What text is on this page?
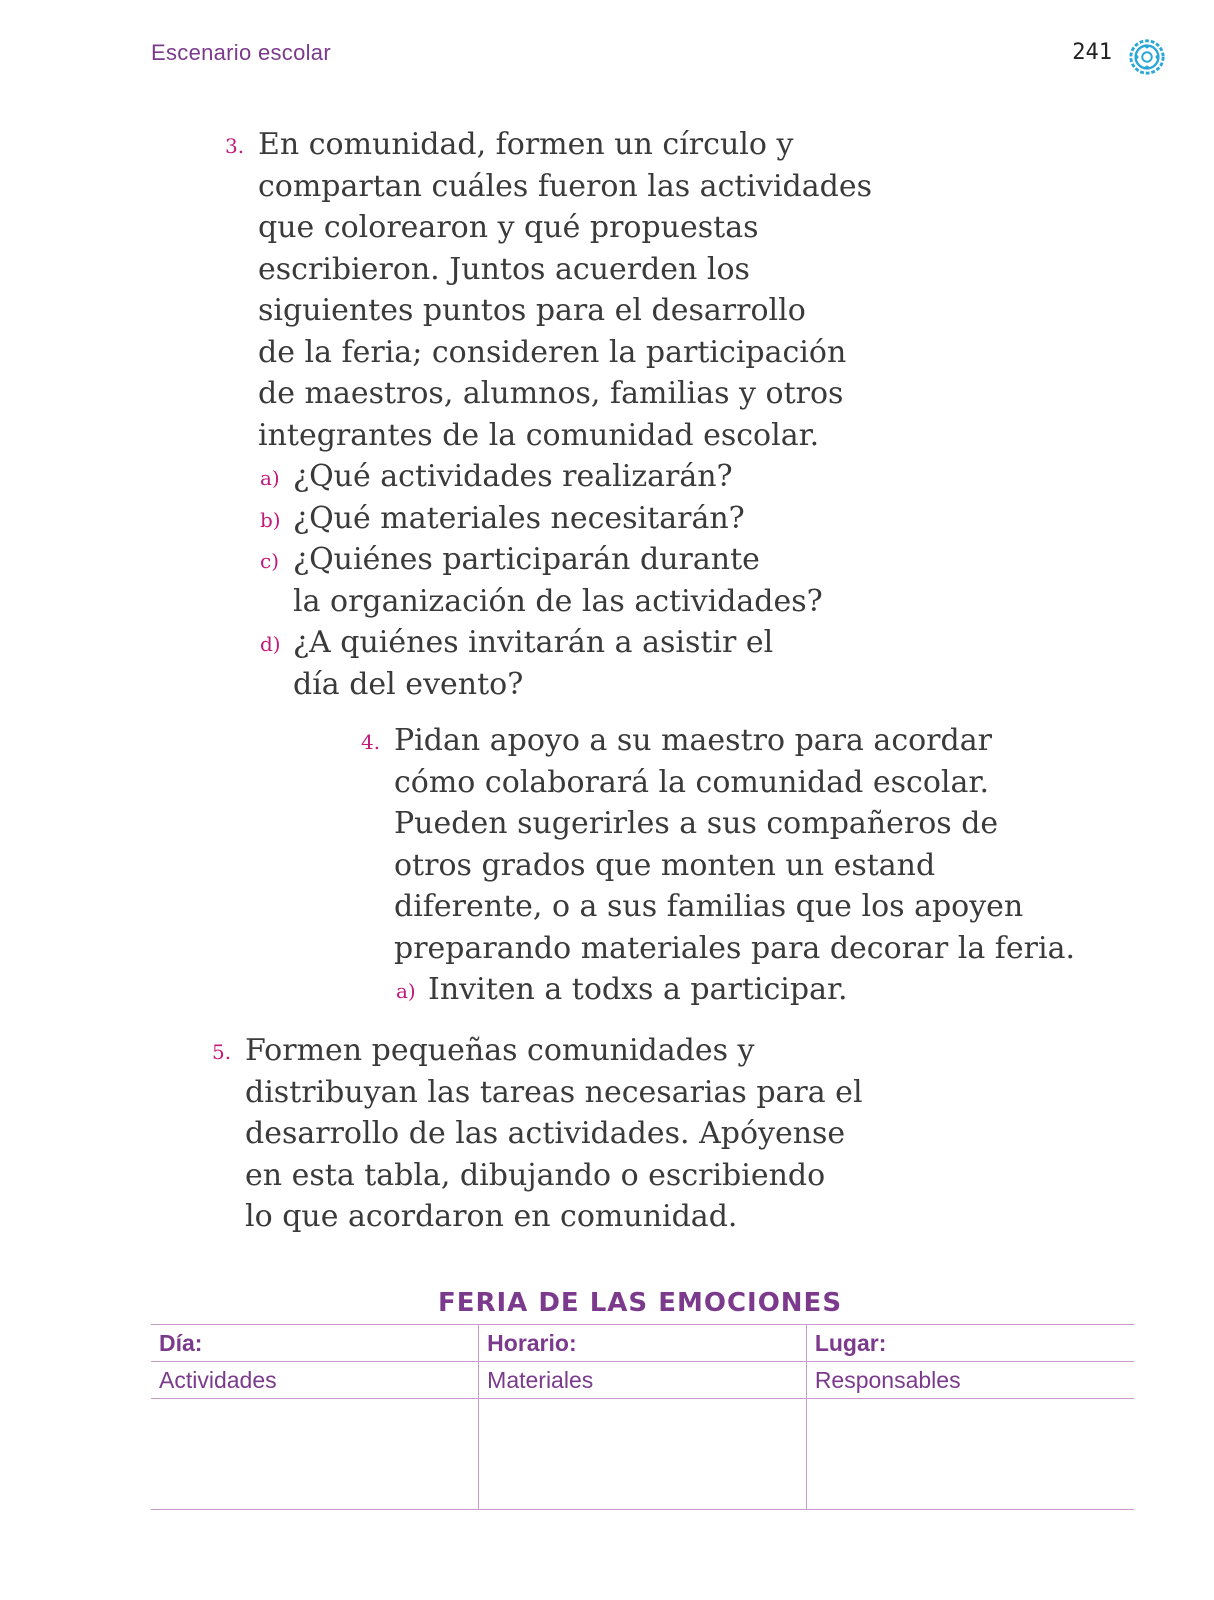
Escenario escolar	241
3. En comunidad, formen un círculo y
compartan cuáles fueron las actividades
que colorearon y qué propuestas
escribieron. Juntos acuerden los
siguientes puntos para el desarrollo
de la feria; consideren la participación
de maestros, alumnos, familias y otros
integrantes de la comunidad escolar.
a) ¿Qué actividades realizarán?
b) ¿Qué materiales necesitarán?
c) ¿Quiénes participarán durante
la organización de las actividades?
d) ¿A quiénes invitarán a asistir el
día del evento?
4. Pidan apoyo a su maestro para acordar
cómo colaborará la comunidad escolar.
Pueden sugerirles a sus compañeros de
otros grados que monten un estand
diferente, o a sus familias que los apoyen
preparando materiales para decorar la feria.
a) Inviten a todxs a participar.
5. Formen pequeñas comunidades y
distribuyan las tareas necesarias para el
desarrollo de las actividades. Apóyense
en esta tabla, dibujando o escribiendo
lo que acordaron en comunidad.
FERIA DE LAS EMOCIONES
Día:	Horario:	Lugar:
Actividades	Materiales	Responsables
